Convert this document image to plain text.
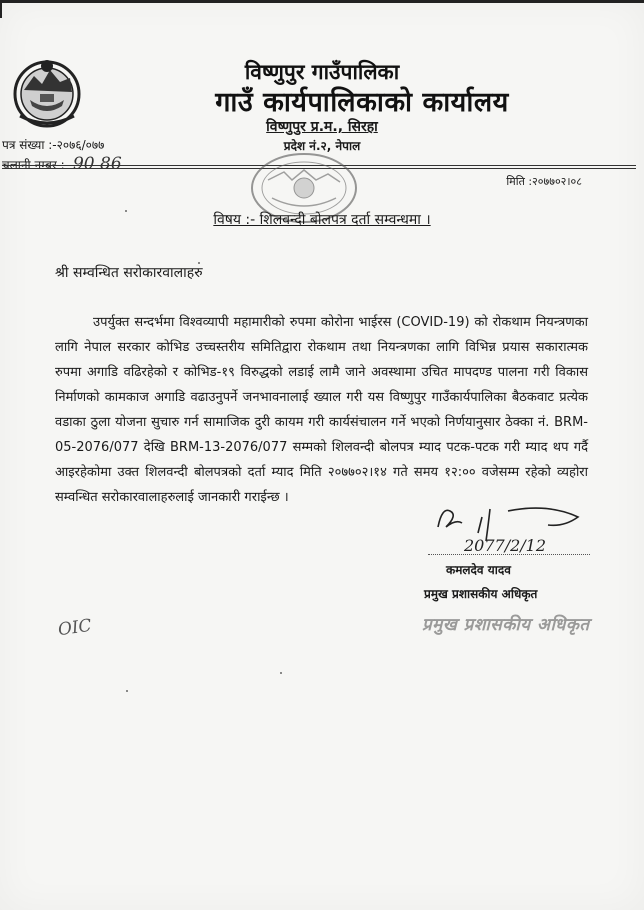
विष्णुपुर गाउँपालिका
गाउँ कार्यपालिकाको कार्यालय
विष्णुपुर प्र.म., सिरहा
प्रदेश नं.२, नेपाल
पत्र संख्या :-२०७६/०७७
चलानी नम्बर :- 90 86
मिति :२०७७०२।०८
विषय :- शिलवन्दी बोलपत्र दर्ता सम्वन्धमा ।
श्री सम्वन्धित सरोकारवालाहरु
उपर्युक्त सन्दर्भमा विश्वव्यापी महामारीको रुपमा कोरोना भाईरस (COVID-19) को रोकथाम नियन्त्रणका लागि नेपाल सरकार कोभिड उच्चस्तरीय समितिद्वारा रोकथाम तथा नियन्त्रणका लागि विभिन्न प्रयास सकारात्मक रुपमा अगाडि वढिरहेको र कोभिड-१९ विरुद्धको लडाई लामै जाने अवस्थामा उचित मापदण्ड पालना गरी विकास निर्माणको कामकाज अगाडि वढाउनुपर्ने जनभावनालाई ख्याल गरी यस विष्णुपुर गाउँकार्यपालिका बैठकवाट प्रत्येक वडाका ठुला योजना सुचारु गर्न सामाजिक दुरी कायम गरी कार्यसंचालन गर्ने भएको निर्णयानुसार ठेक्का नं. BRM-05-2076/077 देखि BRM-13-2076/077 सम्मको शिलवन्दी बोलपत्र म्याद पटक-पटक गरी म्याद थप गर्दै आइरहेकोमा उक्त शिलवन्दी बोलपत्रको दर्ता म्याद मिति २०७७०२।१४ गते समय १२:०० वजेसम्म रहेको व्यहोरा सम्वन्धित सरोकारवालाहरुलाई जानकारी गराईन्छ ।
2077/2/12
कमलदेव यादव
प्रमुख प्रशासकीय अधिकृत
प्रमुख प्रशासकीय अधिकृत
OIC
